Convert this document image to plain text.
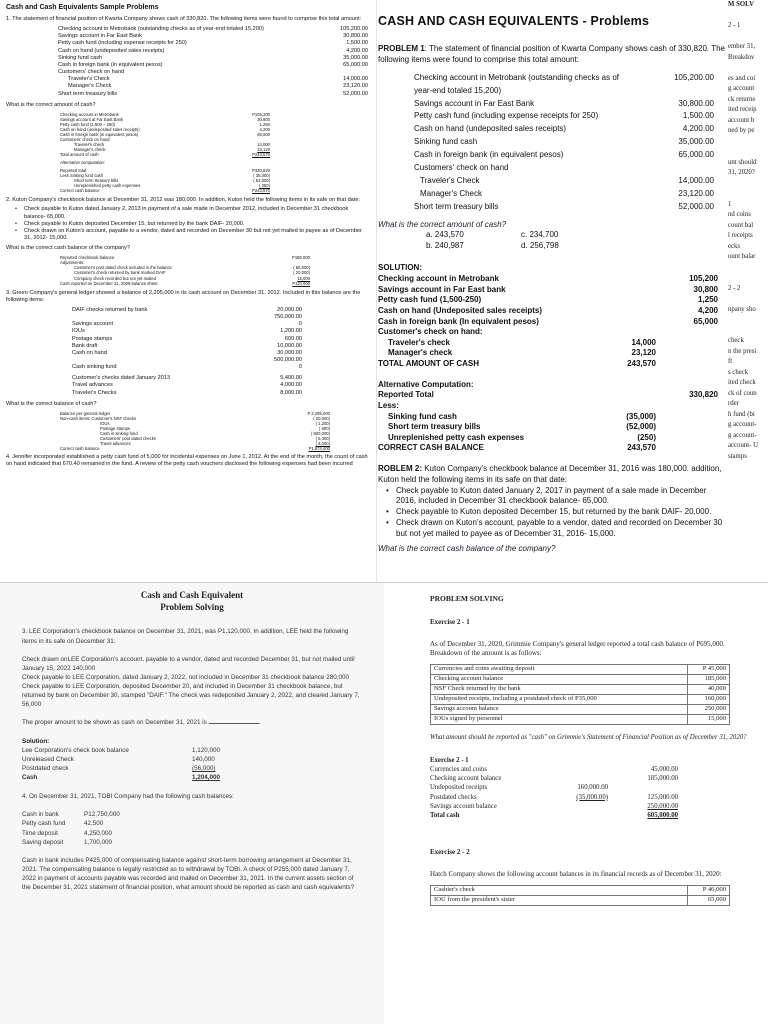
Cash and Cash Equivalents Sample Problems
1. The statement of financial position of Kwarta Company shows cash of 330,820. The following items were found to comprise this total amount:
Checking account in Metrobank (outstanding checks as of year-end totaled 15,200)	105,200.00
Savings account in Far East Bank	30,800.00
Petty cash fund (including expense receipts for 250)	1,500.00
Cash on hand (undeposited sales receipts)	4,200.00
Sinking fund cash	35,000.00
Cash in foreign bank (in equivalent pesos)	65,000.00
Customers' check on hand
Traveler's Check	14,000.00
Manager's Check	23,120.00
Short term treasury bills	52,000.00
What is the correct amount of cash?
Checking account in Metrobank	P105,200
Savings account at Far East Bank	30,800
Petty cash fund (1,500 – 250)	1,250
Cash on hand (undeposited sales receipts)	4,200
Cash in foreign bank (in equivalent pesos)	65,000
Customers' check on hand:
Traveler's check	14,000
Manager's check	23,120
Total amount of cash	P243,570
Alternative computation:
Reported total	P330,820
Less Sinking fund cash	( 35,000)
Short term treasury bills	( 52,000)
Unreplenished petty cash expenses	( 250)
Correct cash balance	P243,570
2. Kuton Company's checkbook balance at December 31, 2012 was 180,000. In addition, Kuton held the following items in its safe on that date:
• Check payable to Kuton dated January 2, 2013 in payment of a sale made in December 2012, included in December 31 checkbook balance- 65,000.
• Check payable to Kuton deposited December 15, but returned by the bank DAIF- 20,000.
• Check drawn on Kuton's account, payable to a vendor, dated and recorded on December 30 but not yet mailed to payee as of December 31, 2012- 15,000.
What is the correct cash balance of the company?
Reported checkbook balance	P180,000
Adjustments:
Customer's post dated check included in the balance	( 65,000)
Customer's check returned by bank marked DAIF	( 20,000)
Company check recorded but not yet mailed	15,000
Cash reported on December 31, 2009 balance sheet	P110,000
3. Green Company's general ledger showed a balance of 2,295,000 in its cash account on December 31, 2012. Included in this balance are the following items:
DAIF checks returned by bank	20,000.00
750,000.00
Savings account	0
IOUs	1,200.00
Postage stamps	600.00
Bank draft	10,000.00
Cash on hand	30,000.00
500,000.00
Cash sinking fund	0
Customer's checks dated January 2013	5,400.00
Travel advances	4,000.00
Traveler's Checks	8,000.00
What is the correct balance of cash?
Balance per general ledger	P 2,295,000
Non-cash items: Customer's NSF checks	( 20,000)
IOUs	( 1,200)
Postage stamps	( 600)
Cash in sinking fund	( 500,000)
Customers' post dated checks	( 5,400)
Travel advances	( 4,000)
Correct cash balance	P1,674,400
4. Jennifer incorporated established a petty cash fund of 5,000 for incidental expenses on June 1, 2012. At the end of the month, the count of cash on hand indicated that 670.40 remained in the fund. A review of the petty cash vouchers disclosed the following expenses had been incurred
CASH AND CASH EQUIVALENTS - Problems
PROBLEM 1: The statement of financial position of Kwarta Company shows cash of 330,820. The following items were found to comprise this total amount:
Checking account in Metrobank (outstanding checks as of year-end totaled 15,200)
105,200.00
Savings account in Far East Bank	30,800.00
Petty cash fund (including expense receipts for 250)	1,500.00
Cash on hand (undeposited sales receipts)	4,200.00
Sinking fund cash	35,000.00
Cash in foreign bank (in equivalent pesos)	65,000.00
Customers' check on hand
Traveler's Check	14,000.00
Manager's Check	23,120.00
Short term treasury bills	52,000.00
What is the correct amount of cash?
a. 243,570	c. 234,700
b. 240,987	d. 256,798
SOLUTION:
Checking account in Metrobank	105,200
Savings account in Far East bank	30,800
Petty cash fund (1,500-250)	1,250
Cash on hand (Undeposited sales receipts)	4,200
Cash in foreign bank (In equivalent pesos)	65,000
Customer's check on hand:
Traveler's check	14,000
Manager's check	23,120
TOTAL AMOUNT OF CASH	243,570
Alternative Computation:
Reported Total	330,820
Less:
Sinking fund cash	(35,000)
Short term treasury bills	(52,000)
Unreplenished petty cash expenses	(250)
CORRECT CASH BALANCE	243,570
ROBLEM 2: Kuton Company's checkbook balance at December 31, 2016 was 180,000. addition, Kuton held the following items in its safe on that date:
• Check payable to Kuton dated January 2, 2017 in payment of a sale made in December 2016, included in December 31 checkbook balance- 65,000.
• Check payable to Kuton deposited December 15, but returned by the bank DAIF- 20,000.
• Check drawn on Kuton's account, payable to a vendor, dated and recorded on December 30 but not yet mailed to payee as of December 31, 2016- 15,000.
What is the correct cash balance of the company?
M SOLV
2 - 1
ember 31,
Breakdov
es and coi
g account
ck returne
ited receip
account b
ned by pe
unt should
31, 2020?
1
nd coins
count bal
l receipts
ecks
ount balar
2 - 2
npany sho
check
n the presi
ft
s check
ited check
ck of coun
rder
h fund (bi
g account-
g account-
account- U
stamps
Cash and Cash Equivalent
Problem Solving
3. LEE Corporation's checkbook balance on December 31, 2021, was P1,120,000. In addition, LEE held the following items in its safe on December 31:
Check drawn onLEE Corporation's account, payable to a vendor, dated and recorded December 31, but not mailed until January 15, 2022 140,000
Check payable to LEE Corporation, dated January 2, 2022, not included in December 31 checkbook balance 280,000
Check payable to LEE Corporation, deposited December 20, and included in December 31 checkbook balance, but returned by bank on December 30, stamped "DAIF." The check was redeposited January 2, 2022, and cleared January 7, 56,000
The proper amount to be shown as cash on December 31, 2021 is	.
Solution:
Lee Corporation's check book balance	1,120,000
Unreleased Check	140,000
Postdated check	(56,000)
Cash	1,204,000
4. On December 31, 2021, TOBI Company had the following cash balances:
Cash in bank	P12,750,000
Petty cash fund	42,500
Time deposit	4,250,000
Saving deposit	1,700,000
Cash in bank includes P425,000 of compensating balance against short-term borrowing arrangement at December 31, 2021. The compensating balance is legally restricted as to withdrawal by TOBI. A check of P255,000 dated January 7, 2022 in payment of accounts payable was recorded and mailed on December 31, 2021. In the current assets section of the December 31, 2021 statement of financial position, what amount should be reported as cash and cash equivalents?
PROBLEM SOLVING
Exercise 2 - 1
As of December 31, 2020, Grimmie Company's general ledger reported a total cash balance of P695,000. Breakdown of the amount is as follows:
Currencies and coins awaiting deposit	P 45,000
Checking account balance	185,000
NSF Check returned by the bank	40,000
Undeposited receipts, including a postdated check of P35,000	160,000
Savings account balance	250,000
IOUs signed by personnel	15,000
What amount should be reported as "cash" on Grimmie's Statement of Financial Position as of December 31, 2020?
Exercise 2 - 1
Currencies and coins	45,000.00
Checking account balance	185,000.00
Undeposited receipts	160,000.00
Postdated checks	(35,000.00)	125,000.00
Savings account balance	250,000.00
Total cash	605,000.00
Exercise 2 - 2
Hatch Company shows the following account balances in its financial records as of December 31, 2020:
Cashier's check	P 46,000
IOU from the president's sister	65,000
